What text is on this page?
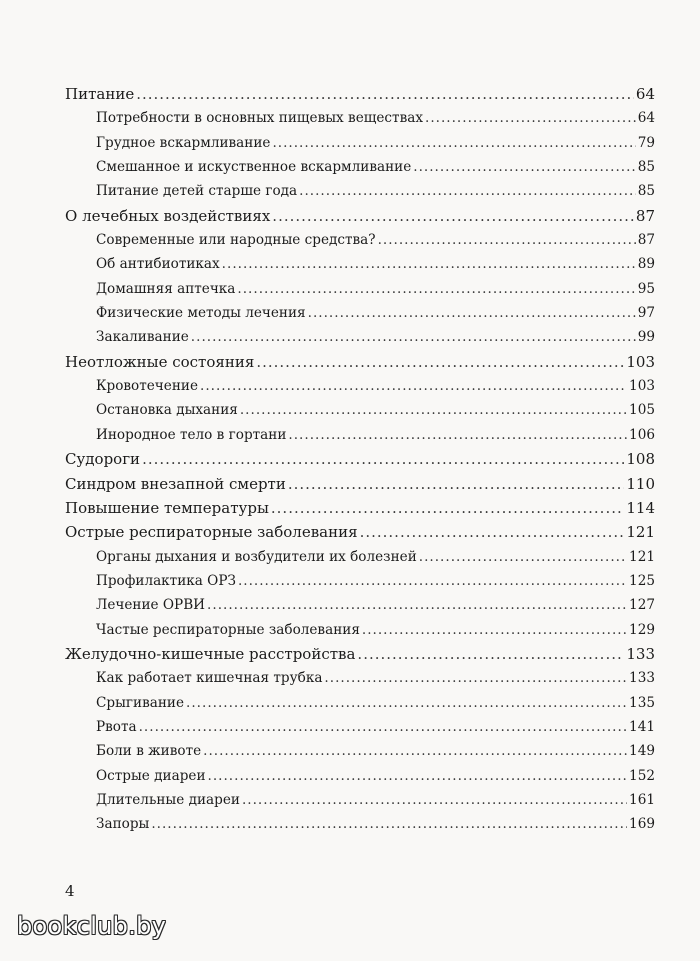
Питание .....	64
Потребности в основных пищевых веществах .....	64
Грудное вскармливание .....	79
Смешанное и искуственное вскармливание .....	85
Питание детей старше года .....	85
О лечебных воздействиях .....	87
Современные или народные средства? .....	87
Об антибиотиках .....	89
Домашняя аптечка .....	95
Физические методы лечения .....	97
Закаливание .....	99
Неотложные состояния .....	103
Кровотечение .....	103
Остановка дыхания .....	105
Инородное тело в гортани .....	106
Судороги .....	108
Синдром внезапной смерти .....	110
Повышение температуры .....	114
Острые респираторные заболевания .....	121
Органы дыхания и возбудители их болезней .....	121
Профилактика ОРЗ .....	125
Лечение ОРВИ .....	127
Частые респираторные заболевания .....	129
Желудочно-кишечные расстройства .....	133
Как работает кишечная трубка .....	133
Срыгивание .....	135
Рвота .....	141
Боли в животе .....	149
Острые диареи .....	152
Длительные диареи .....	161
Запоры .....	169
4
bookclub.by
